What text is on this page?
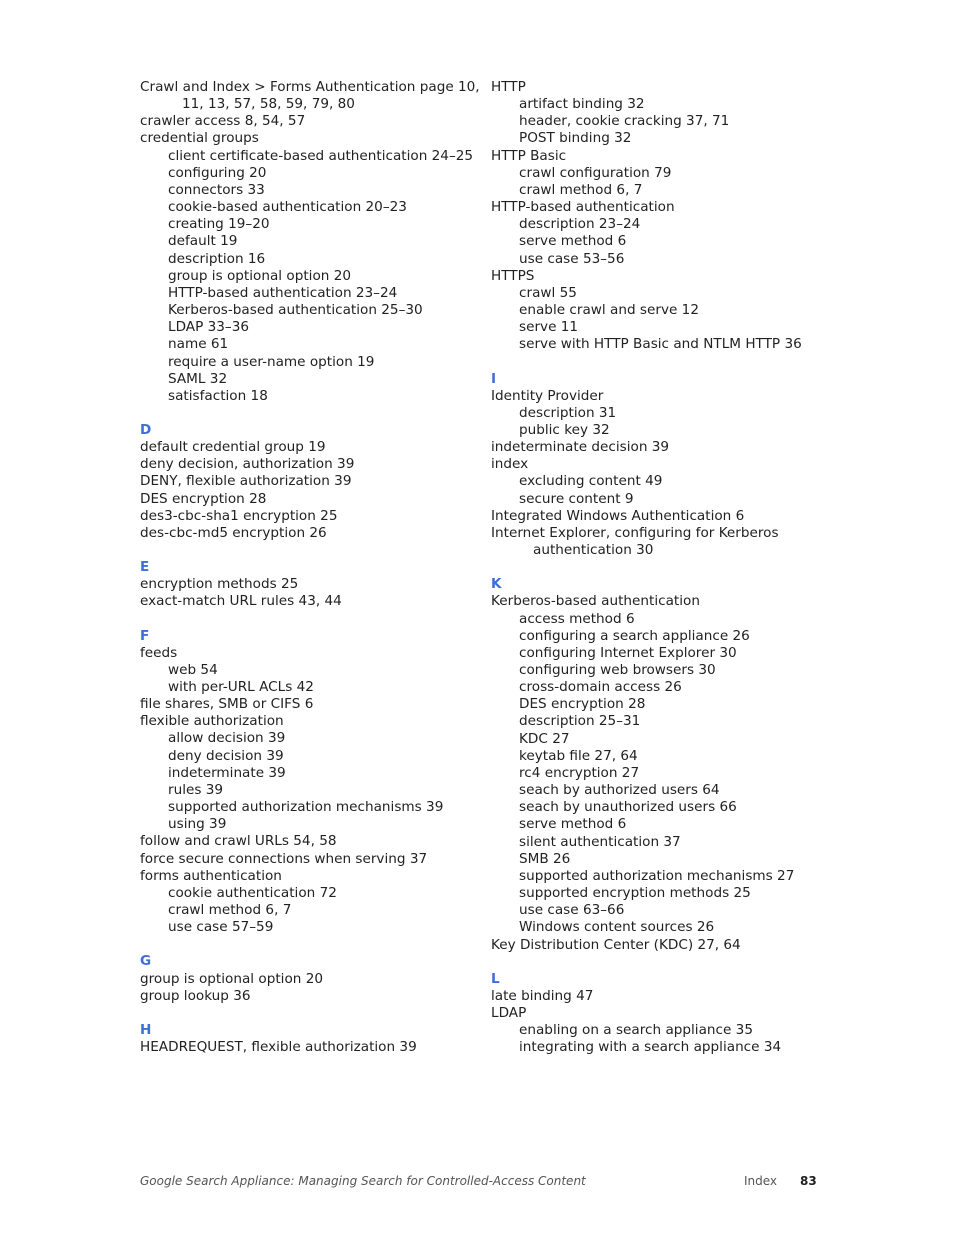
Crawl and Index > Forms Authentication page 10, 11, 13, 57, 58, 59, 79, 80
crawler access 8, 54, 57
credential groups
client certificate-based authentication 24–25
configuring 20
connectors 33
cookie-based authentication 20–23
creating 19–20
default 19
description 16
group is optional option 20
HTTP-based authentication 23–24
Kerberos-based authentication 25–30
LDAP 33–36
name 61
require a user-name option 19
SAML 32
satisfaction 18
D
default credential group 19
deny decision, authorization 39
DENY, flexible authorization 39
DES encryption 28
des3-cbc-sha1 encryption 25
des-cbc-md5 encryption 26
E
encryption methods 25
exact-match URL rules 43, 44
F
feeds
web 54
with per-URL ACLs 42
file shares, SMB or CIFS 6
flexible authorization
allow decision 39
deny decision 39
indeterminate 39
rules 39
supported authorization mechanisms 39
using 39
follow and crawl URLs 54, 58
force secure connections when serving 37
forms authentication
cookie authentication 72
crawl method 6, 7
use case 57–59
G
group is optional option 20
group lookup 36
H
HEADREQUEST, flexible authorization 39
HTTP
artifact binding 32
header, cookie cracking 37, 71
POST binding 32
HTTP Basic
crawl configuration 79
crawl method 6, 7
HTTP-based authentication
description 23–24
serve method 6
use case 53–56
HTTPS
crawl 55
enable crawl and serve 12
serve 11
serve with HTTP Basic and NTLM HTTP 36
I
Identity Provider
description 31
public key 32
indeterminate decision 39
index
excluding content 49
secure content 9
Integrated Windows Authentication 6
Internet Explorer, configuring for Kerberos authentication 30
K
Kerberos-based authentication
access method 6
configuring a search appliance 26
configuring Internet Explorer 30
configuring web browsers 30
cross-domain access 26
DES encryption 28
description 25–31
KDC 27
keytab file 27, 64
rc4 encryption 27
seach by authorized users 64
seach by unauthorized users 66
serve method 6
silent authentication 37
SMB 26
supported authorization mechanisms 27
supported encryption methods 25
use case 63–66
Windows content sources 26
Key Distribution Center (KDC) 27, 64
L
late binding 47
LDAP
enabling on a search appliance 35
integrating with a search appliance 34
Google Search Appliance: Managing Search for Controlled-Access Content	Index 83
